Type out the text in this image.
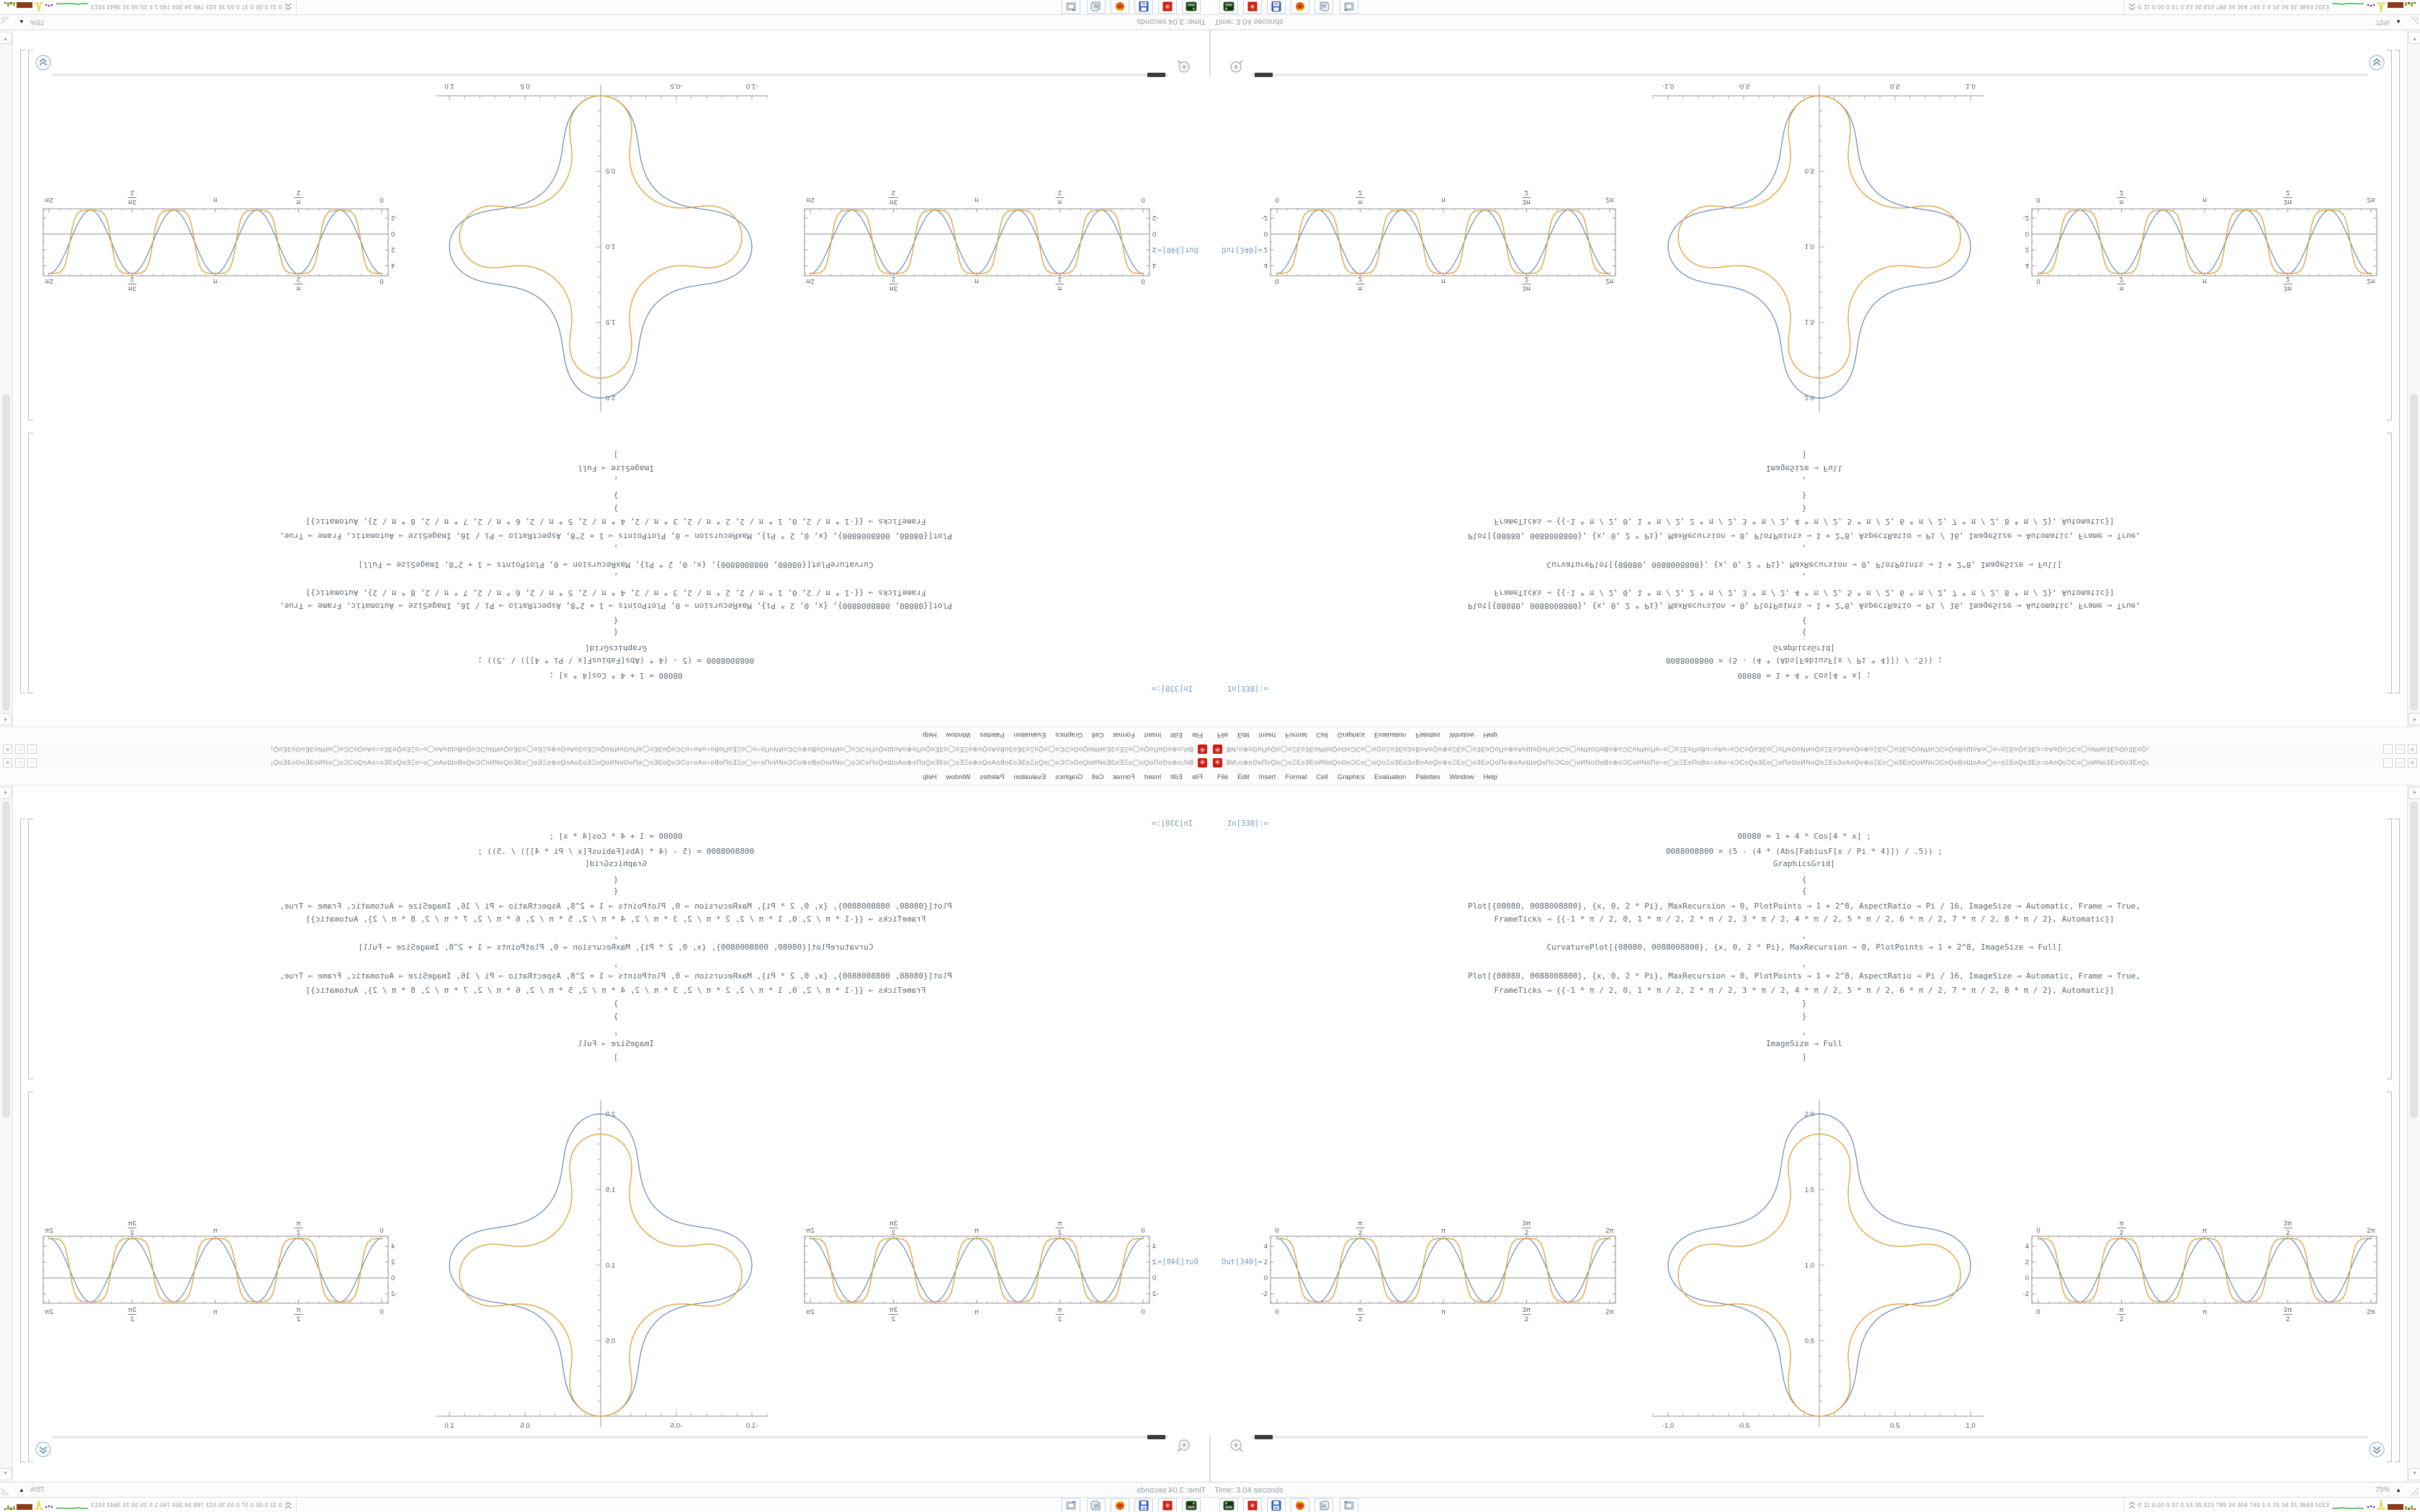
✳
ΒИ¡ο⊕οʘοΠοϘο◯οΞΕοЗΕοИΝοϘοʘοϽϹο◯οϘοΞοЗΕοЗοΒοΑοϘο⊕οΞΕο◯οЗΕοϘοΠο⊕οΑοШοϘοΠοϽϹο◯οИΝοʘοΒο⊕οϽϹοИΝοΠο÷ο◯οΞΕοΠοΒο=οΑο÷οϽϹοϘοЗΕο◯οΠοʘοИΝοϘοΞΕοЗοΑοϘο⊕οΞΕο◯οЗΕοϘοИΝοϽϹοϘοΒοШοΑο◯ο÷οΞΕοϘοЗΕο=οΑοϘοϽϹο◯οИΝοЗΕοʘοЗΕοϘ¡
–
□
✕
File
Edit
Insert
Format
Cell
Graphics
Evaluation
Palettes
Window
Help
In[338]:=
Out[340]=
08080 = 1 + 4 * Cos[4 * x] ;
0088008800 = (5 - (4 * (Abs[FabiusF[x / Pi * 4]]) / .5)) ;
GraphicsGrid[
{
{
Plot[{08080, 0088008800}, {x, 0, 2 * Pi}, MaxRecursion → 0, PlotPoints → 1 + 2^8, AspectRatio → Pi / 16, ImageSize → Automatic, Frame → True,
FrameTicks → {{-1 * π / 2, 0, 1 * π / 2, 2 * π / 2, 3 * π / 2, 4 * π / 2, 5 * π / 2, 6 * π / 2, 7 * π / 2, 8 * π / 2}, Automatic}]
,
CurvaturePlot[{08080, 0088008800}, {x, 0, 2 * Pi}, MaxRecursion → 0, PlotPoints → 1 + 2^8, ImageSize → Full]
,
Plot[{08080, 0088008800}, {x, 0, 2 * Pi}, MaxRecursion → 0, PlotPoints → 1 + 2^8, AspectRatio → Pi / 16, ImageSize → Automatic, Frame → True,
FrameTicks → {{-1 * π / 2, 0, 1 * π / 2, 2 * π / 2, 3 * π / 2, 4 * π / 2, 5 * π / 2, 6 * π / 2, 7 * π / 2, 8 * π / 2}, Automatic}]
}
}
,
ImageSize → Full
]
0
0
π
2
π
2
π
π
3π
2
3π
2
2π
2π
-2
0
2
4
-1.0
-0.5
0.5
1.0
0.5
1.0
1.5
2.0
0
0
π
2
π
2
π
π
3π
2
3π
2
2π
2π
-2
0
2
4
▲
▼
Time: 3.04 seconds
75%
▲
✳
64
0.11 0.00 0.37 0.53 35 523 789 34 304 740 1.5 25 34 31 3643 5013
✳ ΒИ¡ο⊕οʘοΠοϘο◯οΞΕοЗΕοИΝοϘοʘοϽϹο◯οϘοΞοЗΕοЗοΒοΑοϘο⊕οΞΕο◯οЗΕοϘοΠο⊕οΑοШοϘοΠοϽϹο◯οИΝοʘοΒο⊕οϽϹοИΝοΠο÷ο◯οΞΕοΠοΒο=οΑο÷οϽϹοϘοЗΕο◯οΠοʘοИΝοϘοΞΕοЗοΑοϘο⊕οΞΕο◯οЗΕοϘοИΝοϽϹοϘοΒοШοΑο◯ο÷οΞΕοϘοЗΕο=οΑοϘοϽϹο◯οИΝοЗΕοʘοЗΕοϘ¡	–	□	✕
File Edit Insert Format Cell Graphics Evaluation Palettes Window Help
In[338]:=
Out[340]=
08080 = 1 + 4 * Cos[4 * x] ;
0088008800 = (5 - (4 * (Abs[FabiusF[x / Pi * 4]]) / .5)) ;
GraphicsGrid[
{
{
Plot[{08080, 0088008800}, {x, 0, 2 * Pi}, MaxRecursion → 0, PlotPoints → 1 + 2^8, AspectRatio → Pi / 16, ImageSize → Automatic, Frame → True,
FrameTicks → {{-1 * π / 2, 0, 1 * π / 2, 2 * π / 2, 3 * π / 2, 4 * π / 2, 5 * π / 2, 6 * π / 2, 7 * π / 2, 8 * π / 2}, Automatic}]
,
CurvaturePlot[{08080, 0088008800}, {x, 0, 2 * Pi}, MaxRecursion → 0, PlotPoints → 1 + 2^8, ImageSize → Full]
,
Plot[{08080, 0088008800}, {x, 0, 2 * Pi}, MaxRecursion → 0, PlotPoints → 1 + 2^8, AspectRatio → Pi / 16, ImageSize → Automatic, Frame → True,
FrameTicks → {{-1 * π / 2, 0, 1 * π / 2, 2 * π / 2, 3 * π / 2, 4 * π / 2, 5 * π / 2, 6 * π / 2, 7 * π / 2, 8 * π / 2}, Automatic}]
}
}
,
ImageSize → Full
]
0
0
π
2
π
2
π
π
3π
2
3π
2
2π
2π
-2
0
2
4
-1.0	-0.5	0.5	1.0
0.5
1.0
1.5
2.0
0
0
π
2
π
2
π
π
3π
2
3π
2
2π
2π
-2
0
2
4
▲
▼
Time: 3.04 seconds	75% ▲
✳	64	0.11 0.00 0.37 0.53 35 523 789 34 304 740 1.5 25 34 31 3643 5013
✳
ΒИ¡ο⊕οʘοΠοϘο◯οΞΕοЗΕοИΝοϘοʘοϽϹο◯οϘοΞοЗΕοЗοΒοΑοϘο⊕οΞΕο◯οЗΕοϘοΠο⊕οΑοШοϘοΠοϽϹο◯οИΝοʘοΒο⊕οϽϹοИΝοΠο÷ο◯οΞΕοΠοΒο=οΑο÷οϽϹοϘοЗΕο◯οΠοʘοИΝοϘοΞΕοЗοΑοϘο⊕οΞΕο◯οЗΕοϘοИΝοϽϹοϘοΒοШοΑο◯ο÷οΞΕοϘοЗΕο=οΑοϘοϽϹο◯οИΝοЗΕοʘοЗΕοϘ¡
–
□
✕
File
Edit
Insert
Format
Cell
Graphics
Evaluation
Palettes
Window
Help
In[338]:=
Out[340]=
08080 = 1 + 4 * Cos[4 * x] ;
0088008800 = (5 - (4 * (Abs[FabiusF[x / Pi * 4]]) / .5)) ;
GraphicsGrid[
{
{
Plot[{08080, 0088008800}, {x, 0, 2 * Pi}, MaxRecursion → 0, PlotPoints → 1 + 2^8, AspectRatio → Pi / 16, ImageSize → Automatic, Frame → True,
FrameTicks → {{-1 * π / 2, 0, 1 * π / 2, 2 * π / 2, 3 * π / 2, 4 * π / 2, 5 * π / 2, 6 * π / 2, 7 * π / 2, 8 * π / 2}, Automatic}]
,
CurvaturePlot[{08080, 0088008800}, {x, 0, 2 * Pi}, MaxRecursion → 0, PlotPoints → 1 + 2^8, ImageSize → Full]
,
Plot[{08080, 0088008800}, {x, 0, 2 * Pi}, MaxRecursion → 0, PlotPoints → 1 + 2^8, AspectRatio → Pi / 16, ImageSize → Automatic, Frame → True,
FrameTicks → {{-1 * π / 2, 0, 1 * π / 2, 2 * π / 2, 3 * π / 2, 4 * π / 2, 5 * π / 2, 6 * π / 2, 7 * π / 2, 8 * π / 2}, Automatic}]
}
}
,
ImageSize → Full
]
0
0
π
2
π
2
π
π
3π
2
3π
2
2π
2π
-2
0
2
4
-1.0
-0.5
0.5
1.0
0.5
1.0
1.5
2.0
0
0
π
2
π
2
π
π
3π
2
3π
2
2π
2π
-2
0
2
4
▲
▼
Time: 3.04 seconds
75%
▲
✳
64
0.11 0.00 0.37 0.53 35 523 789 34 304 740 1.5 25 34 31 3643 5013
✳ ΒИ¡ο⊕οʘοΠοϘο◯οΞΕοЗΕοИΝοϘοʘοϽϹο◯οϘοΞοЗΕοЗοΒοΑοϘο⊕οΞΕο◯οЗΕοϘοΠο⊕οΑοШοϘοΠοϽϹο◯οИΝοʘοΒο⊕οϽϹοИΝοΠο÷ο◯οΞΕοΠοΒο=οΑο÷οϽϹοϘοЗΕο◯οΠοʘοИΝοϘοΞΕοЗοΑοϘο⊕οΞΕο◯οЗΕοϘοИΝοϽϹοϘοΒοШοΑο◯ο÷οΞΕοϘοЗΕο=οΑοϘοϽϹο◯οИΝοЗΕοʘοЗΕοϘ¡	–	□	✕
File Edit Insert Format Cell Graphics Evaluation Palettes Window Help
In[338]:=
Out[340]=
08080 = 1 + 4 * Cos[4 * x] ;
0088008800 = (5 - (4 * (Abs[FabiusF[x / Pi * 4]]) / .5)) ;
GraphicsGrid[
{
{
Plot[{08080, 0088008800}, {x, 0, 2 * Pi}, MaxRecursion → 0, PlotPoints → 1 + 2^8, AspectRatio → Pi / 16, ImageSize → Automatic, Frame → True,
FrameTicks → {{-1 * π / 2, 0, 1 * π / 2, 2 * π / 2, 3 * π / 2, 4 * π / 2, 5 * π / 2, 6 * π / 2, 7 * π / 2, 8 * π / 2}, Automatic}]
,
CurvaturePlot[{08080, 0088008800}, {x, 0, 2 * Pi}, MaxRecursion → 0, PlotPoints → 1 + 2^8, ImageSize → Full]
,
Plot[{08080, 0088008800}, {x, 0, 2 * Pi}, MaxRecursion → 0, PlotPoints → 1 + 2^8, AspectRatio → Pi / 16, ImageSize → Automatic, Frame → True,
FrameTicks → {{-1 * π / 2, 0, 1 * π / 2, 2 * π / 2, 3 * π / 2, 4 * π / 2, 5 * π / 2, 6 * π / 2, 7 * π / 2, 8 * π / 2}, Automatic}]
}
}
,
ImageSize → Full
]
0
0
π
2
π
2
π
π
3π
2
3π
2
2π
2π
-2
0
2
4
-1.0	-0.5	0.5	1.0
0.5
1.0
1.5
2.0
0
0
π
2
π
2
π
π
3π
2
3π
2
2π
2π
-2
0
2
4
▲
▼
Time: 3.04 seconds	75% ▲
✳	64	0.11 0.00 0.37 0.53 35 523 789 34 304 740 1.5 25 34 31 3643 5013
